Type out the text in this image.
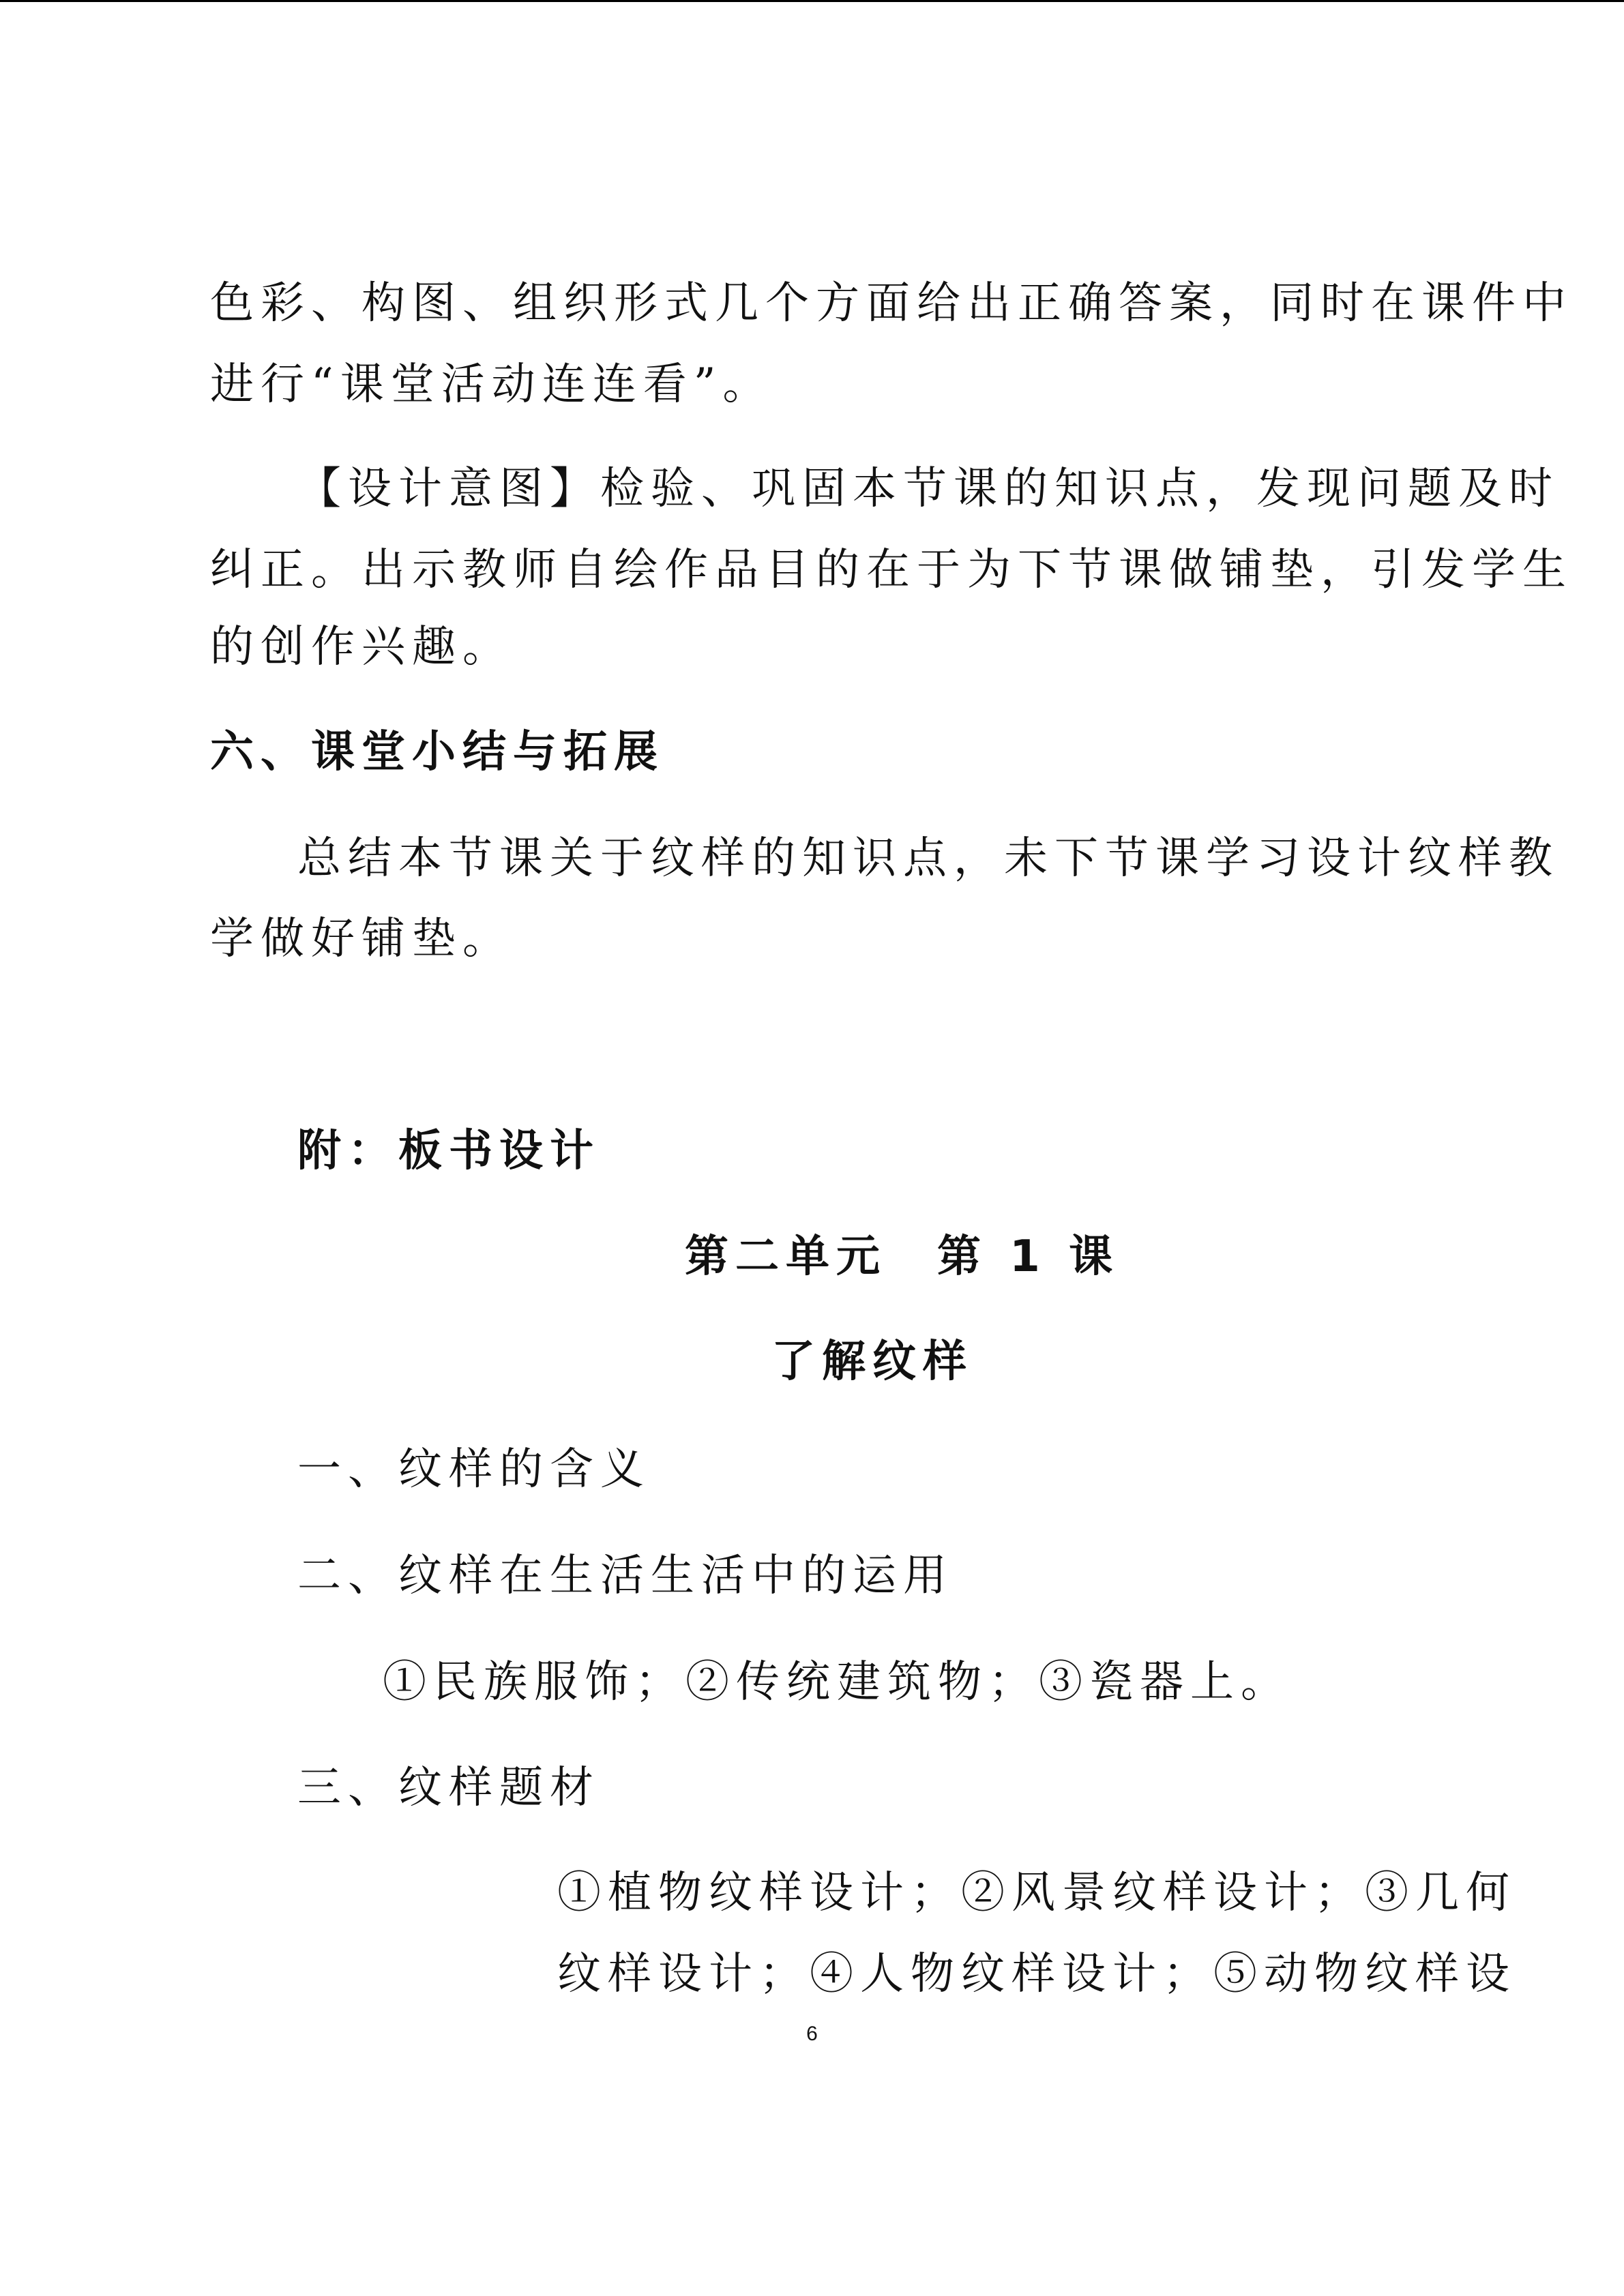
色彩、构图、组织形式几个方面给出正确答案，同时在课件中
进行“课堂活动连连看”。
【设计意图】检验、巩固本节课的知识点，发现问题及时
纠正。出示教师自绘作品目的在于为下节课做铺垫，引发学生
的创作兴趣。
六、课堂小结与拓展
总结本节课关于纹样的知识点，未下节课学习设计纹样教
学做好铺垫。
附：板书设计
第二单元　第 1 课
了解纹样
一、纹样的含义
二、纹样在生活生活中的运用
①民族服饰；②传统建筑物；③瓷器上。
三、纹样题材
①植物纹样设计；②风景纹样设计；③几何
纹样设计；④人物纹样设计；⑤动物纹样设
6
